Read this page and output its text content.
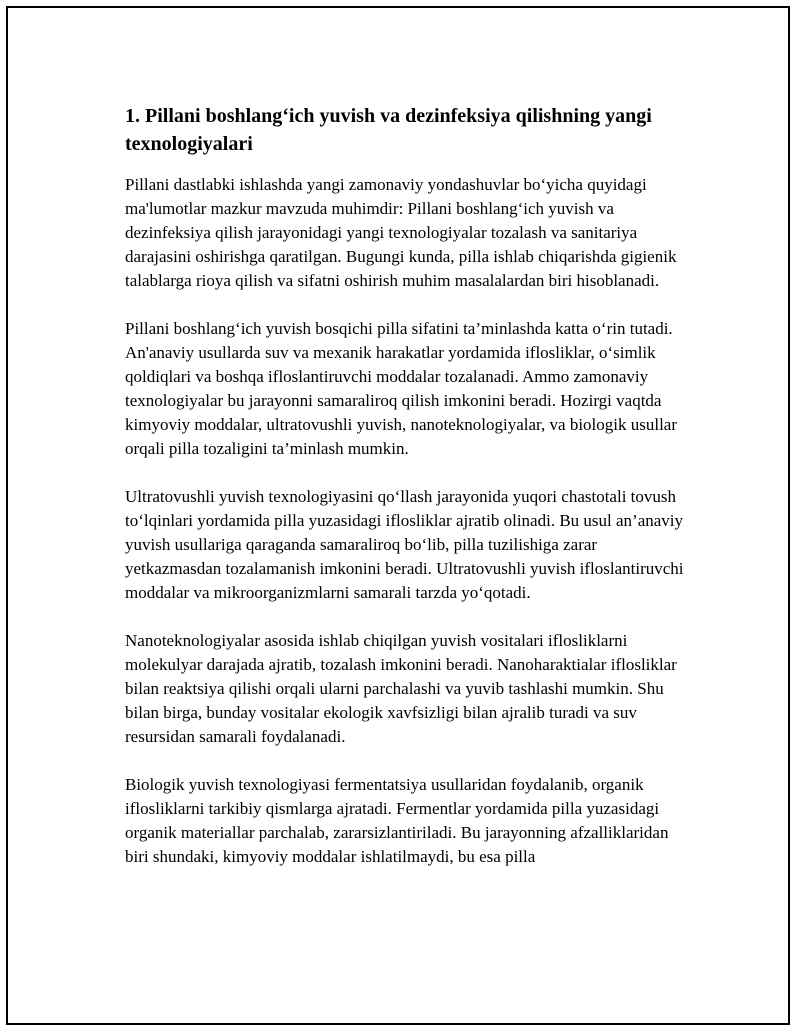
1. Pillani boshlang‘ich yuvish va dezinfeksiya qilishning yangi texnologiyalari

Pillani dastlabki ishlashda yangi zamonaviy yondashuvlar bo‘yicha quyidagi ma'lumotlar mazkur mavzuda muhimdir: Pillani boshlang‘ich yuvish va dezinfeksiya qilish jarayonidagi yangi texnologiyalar tozalash va sanitariya darajasini oshirishga qaratilgan. Bugungi kunda, pilla ishlab chiqarishda gigienik talablarga rioya qilish va sifatni oshirish muhim masalalardan biri hisoblanadi.

Pillani boshlang‘ich yuvish bosqichi pilla sifatini ta’minlashda katta o‘rin tutadi. An'anaviy usullarda suv va mexanik harakatlar yordamida iflosliklar, o‘simlik qoldiqlari va boshqa ifloslantiruvchi moddalar tozalanadi. Ammo zamonaviy texnologiyalar bu jarayonni samaraliroq qilish imkonini beradi. Hozirgi vaqtda kimyoviy moddalar, ultratovushli yuvish, nanoteknologiyalar, va biologik usullar orqali pilla tozaligini ta’minlash mumkin.

Ultratovushli yuvish texnologiyasini qo‘llash jarayonida yuqori chastotali tovush to‘lqinlari yordamida pilla yuzasidagi iflosliklar ajratib olinadi. Bu usul an’anaviy yuvish usullariga qaraganda samaraliroq bo‘lib, pilla tuzilishiga zarar yetkazmasdan tozalamanish imkonini beradi. Ultratovushli yuvish ifloslantiruvchi moddalar va mikroorganizmlarni samarali tarzda yo‘qotadi.

Nanoteknologiyalar asosida ishlab chiqilgan yuvish vositalari iflosliklarni molekulyar darajada ajratib, tozalash imkonini beradi. Nanoharaktialar iflosliklar bilan reaktsiya qilishi orqali ularni parchalashi va yuvib tashlashi mumkin. Shu bilan birga, bunday vositalar ekologik xavfsizligi bilan ajralib turadi va suv resursidan samarali foydalanadi.

Biologik yuvish texnologiyasi fermentatsiya usullaridan foydalanib, organik iflosliklarni tarkibiy qismlarga ajratadi. Fermentlar yordamida pilla yuzasidagi organik materiallar parchalab, zararsizlantiriladi. Bu jarayonning afzalliklaridan biri shundaki, kimyoviy moddalar ishlatilmaydi, bu esa pilla
